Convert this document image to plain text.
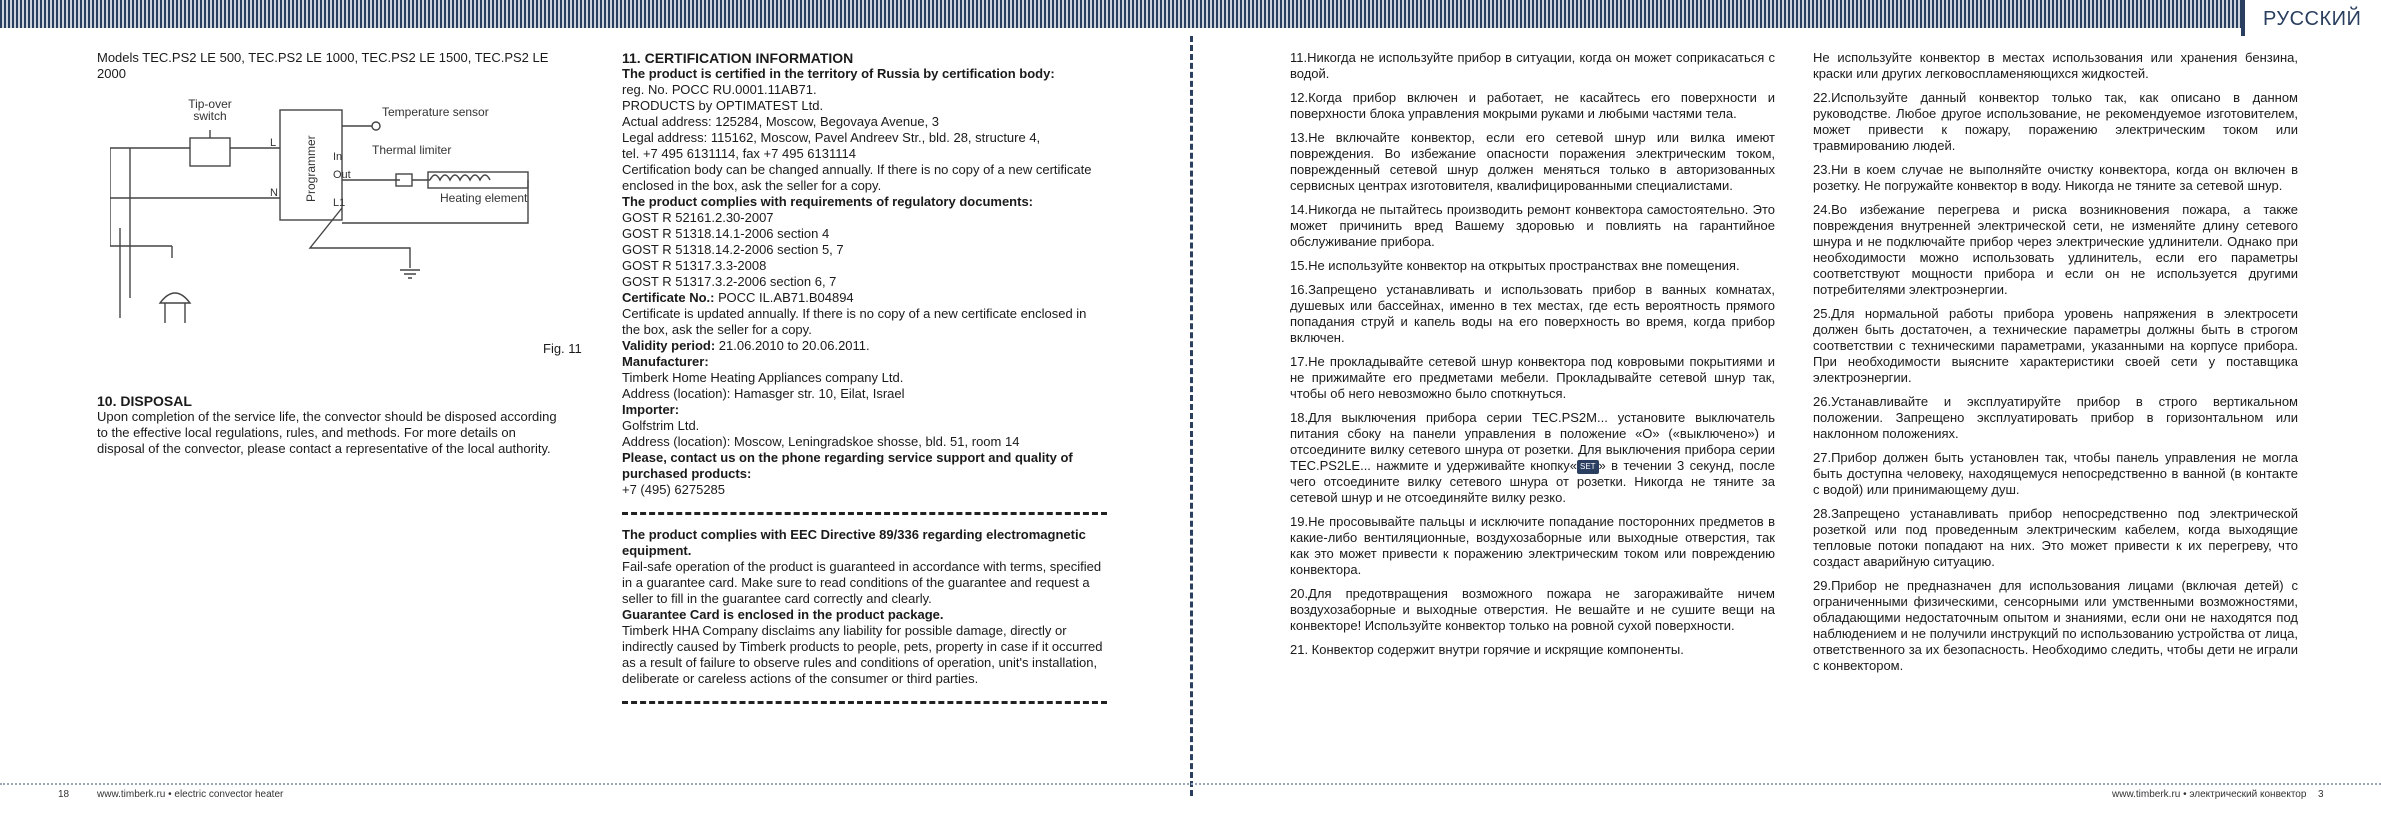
РУССКИЙ

Models TEC.PS2 LE 500, TEC.PS2 LE 1000, TEC.PS2 LE 1500, TEC.PS2 LE 2000

Tip-over
switch	Temperature sensor
Thermal limiter
Heating element
Programmer
L
N
In
Out
L1
Fig. 11

10. DISPOSAL

Upon completion of the service life, the convector should be disposed according to the effective local regulations, rules, and methods. For more details on disposal of the convector, please contact a representative of the local authority.

11. CERTIFICATION INFORMATION

The product is certified in the territory of Russia by certification body:

reg. No. РОСС RU.0001.11АВ71.

PRODUCTS by OPTIMATEST Ltd.

Actual address: 125284, Moscow, Begovaya Avenue, 3

Legal address: 115162, Moscow, Pavel Andreev Str., bld. 28, structure 4,

tel. +7 495 6131114, fax +7 495 6131114

Certification body can be changed annually. If there is no copy of a new certificate enclosed in the box, ask the seller for a copy.

The product complies with requirements of regulatory documents:

GOST R 52161.2.30-2007

GOST R 51318.14.1-2006 section 4

GOST R 51318.14.2-2006 section 5, 7

GOST R 51317.3.3-2008

GOST R 51317.3.2-2006 section 6, 7

Certificate No.: РОСС IL.АВ71.В04894

Certificate is updated annually. If there is no copy of a new certificate enclosed in the box, ask the seller for a copy.

Validity period: 21.06.2010 to 20.06.2011.

Manufacturer:

Timberk Home Heating Appliances company Ltd.

Address (location): Hamasger str. 10, Eilat, Israel

Importer:

Golfstrim Ltd.

Address (location): Moscow, Leningradskoe shosse, bld. 51, room 14

Please, contact us on the phone regarding service support and quality of purchased products:

+7 (495) 6275285

The product complies with EEC Directive 89/336 regarding electromagnetic equipment.

Fail-safe operation of the product is guaranteed in accordance with terms, specified in a guarantee card. Make sure to read conditions of the guarantee and request a seller to fill in the guarantee card correctly and clearly.

Guarantee Card is enclosed in the product package.

Timberk HHA Company disclaims any liability for possible damage, directly or indirectly caused by Timberk products to people, pets, property in case if it occurred as a result of failure to observe rules and conditions of operation, unit's installation, deliberate or careless actions of the consumer or third parties.

11.Никогда не используйте прибор в ситуации, когда он может соприкасаться с водой.

12.Когда прибор включен и работает, не касайтесь его поверхности и поверхности блока управления мокрыми руками и любыми частями тела.

13.Не включайте конвектор, если его сетевой шнур или вилка имеют повреждения. Во избежание опасности поражения электрическим током, поврежденный сетевой шнур должен меняться только в авторизованных сервисных центрах изготовителя, квалифицированными специалистами.

14.Никогда не пытайтесь производить ремонт конвектора самостоятельно. Это может причинить вред Вашему здоровью и повлиять на гарантийное обслуживание прибора.

15.Не используйте конвектор на открытых пространствах вне помещения.

16.Запрещено устанавливать и использовать прибор в ванных комнатах, душевых или бассейнах, именно в тех местах, где есть вероятность прямого попадания струй и капель воды на его поверхность во время, когда прибор включен.

17.Не прокладывайте сетевой шнур конвектора под ковровыми покрытиями и не прижимайте его предметами мебели. Прокладывайте сетевой шнур так, чтобы об него невозможно было споткнуться.

18.Для выключения прибора серии TEC.PS2M... установите выключатель питания сбоку на панели управления в положение «O» («выключено») и отсоедините вилку сетевого шнура от розетки. Для выключения прибора серии TEC.PS2LE... нажмите и удерживайте кнопку« SET » в течении 3 секунд, после чего отсоедините вилку сетевого шнура от розетки. Никогда не тяните за сетевой шнур и не отсоединяйте вилку резко.

19.Не просовывайте пальцы и исключите попадание посторонних предметов в какие-либо вентиляционные, воздухозаборные или выходные отверстия, так как это может привести к поражению электрическим током или повреждению конвектора.

20.Для предотвращения возможного пожара не загораживайте ничем воздухозаборные и выходные отверстия. Не вешайте и не сушите вещи на конвекторе! Используйте конвектор только на ровной сухой поверхности.

21. Конвектор содержит внутри горячие и искрящие компоненты.

Не используйте конвектор в местах использования или хранения бензина, краски или других легковоспламеняющихся жидкостей.

22.Используйте данный конвектор только так, как описано в данном руководстве. Любое другое использование, не рекомендуемое изготовителем, может привести к пожару, поражению электрическим током или травмированию людей.

23.Ни в коем случае не выполняйте очистку конвектора, когда он включен в розетку. Не погружайте конвектор в воду. Никогда не тяните за сетевой шнур.

24.Во избежание перегрева и риска возникновения пожара, а также повреждения внутренней электрической сети, не изменяйте длину сетевого шнура и не подключайте прибор через электрические удлинители. Однако при необходимости можно использовать удлинитель, если его параметры соответствуют мощности прибора и если он не используется другими потребителями электроэнергии.

25.Для нормальной работы прибора уровень напряжения в электросети должен быть достаточен, а технические параметры должны быть в строгом соответствии с техническими параметрами, указанными на корпусе прибора. При необходимости выясните характеристики своей сети у поставщика электроэнергии.

26.Устанавливайте и эксплуатируйте прибор в строго вертикальном положении. Запрещено эксплуатировать прибор в горизонтальном или наклонном положениях.

27.Прибор должен быть установлен так, чтобы панель управления не могла быть доступна человеку, находящемуся непосредственно в ванной (в контакте с водой) или принимающему душ.

28.Запрещено устанавливать прибор непосредственно под электрической розеткой или под проведенным электрическим кабелем, когда выходящие тепловые потоки попадают на них. Это может привести к их перегреву, что создаст аварийную ситуацию.

29.Прибор не предназначен для использования лицами (включая детей) с ограниченными физическими, сенсорными или умственными возможностями, обладающими недостаточным опытом и знаниями, если они не находятся под наблюдением и не получили инструкций по использованию устройства от лица, ответственного за их безопасность. Необходимо следить, чтобы дети не играли с конвектором.

18	www.timberk.ru • electric convector heater	www.timberk.ru • электрический конвектор 3
